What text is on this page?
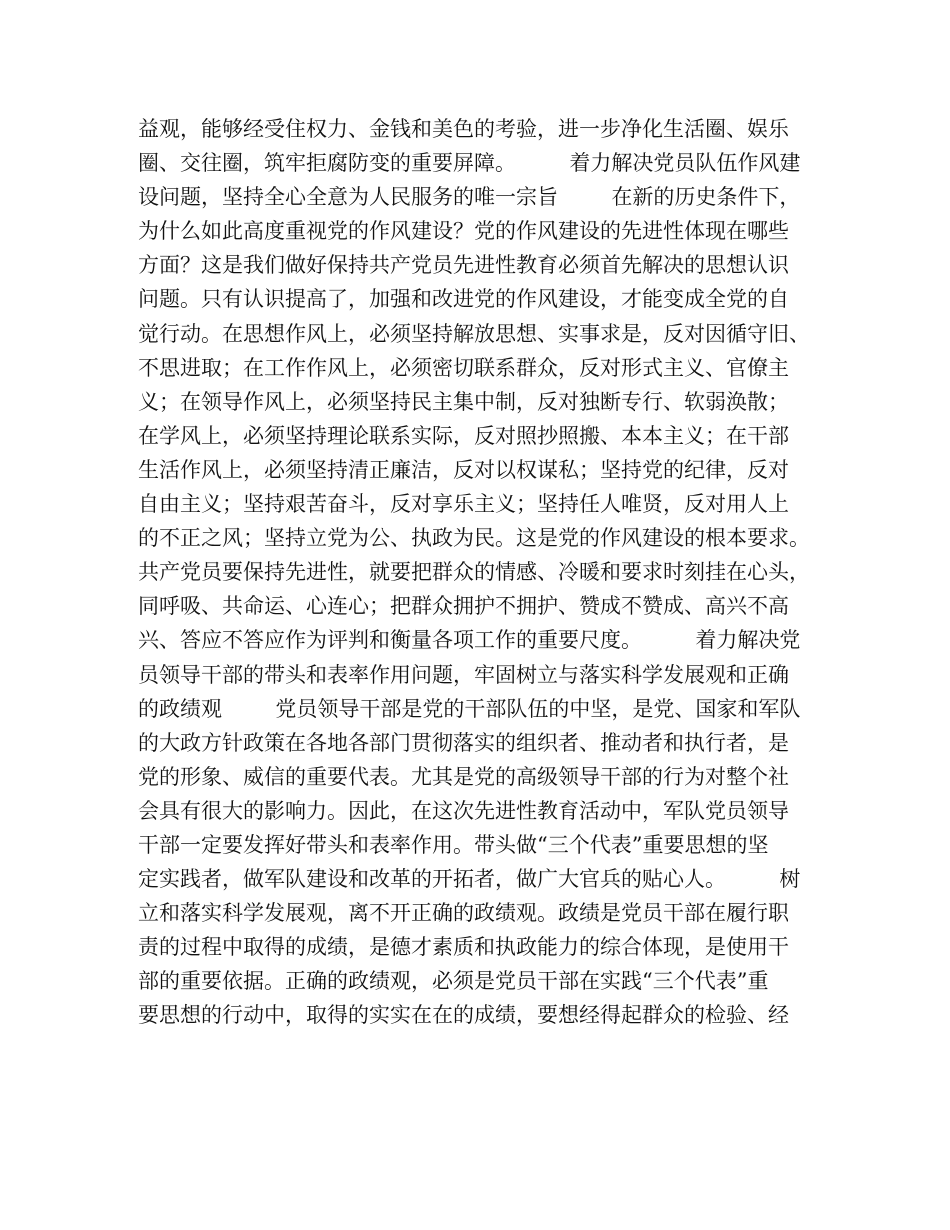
益观，能够经受住权力、金钱和美色的考验，进一步净化生活圈、娱乐
圈、交往圈，筑牢拒腐防变的重要屏障。        着力解决党员队伍作风建
设问题，坚持全心全意为人民服务的唯一宗旨        在新的历史条件下，
为什么如此高度重视党的作风建设？党的作风建设的先进性体现在哪些
方面？这是我们做好保持共产党员先进性教育必须首先解决的思想认识
问题。只有认识提高了，加强和改进党的作风建设，才能变成全党的自
觉行动。在思想作风上，必须坚持解放思想、实事求是，反对因循守旧、
不思进取；在工作作风上，必须密切联系群众，反对形式主义、官僚主
义；在领导作风上，必须坚持民主集中制，反对独断专行、软弱涣散；
在学风上，必须坚持理论联系实际，反对照抄照搬、本本主义；在干部
生活作风上，必须坚持清正廉洁，反对以权谋私；坚持党的纪律，反对
自由主义；坚持艰苦奋斗，反对享乐主义；坚持任人唯贤，反对用人上
的不正之风；坚持立党为公、执政为民。这是党的作风建设的根本要求。
共产党员要保持先进性，就要把群众的情感、冷暖和要求时刻挂在心头，
同呼吸、共命运、心连心；把群众拥护不拥护、赞成不赞成、高兴不高
兴、答应不答应作为评判和衡量各项工作的重要尺度。        着力解决党
员领导干部的带头和表率作用问题，牢固树立与落实科学发展观和正确
的政绩观        党员领导干部是党的干部队伍的中坚，是党、国家和军队
的大政方针政策在各地各部门贯彻落实的组织者、推动者和执行者，是
党的形象、威信的重要代表。尤其是党的高级领导干部的行为对整个社
会具有很大的影响力。因此，在这次先进性教育活动中，军队党员领导
干部一定要发挥好带头和表率作用。带头做“三个代表”重要思想的坚
定实践者，做军队建设和改革的开拓者，做广大官兵的贴心人。        树
立和落实科学发展观，离不开正确的政绩观。政绩是党员干部在履行职
责的过程中取得的成绩，是德才素质和执政能力的综合体现，是使用干
部的重要依据。正确的政绩观，必须是党员干部在实践“三个代表”重
要思想的行动中，取得的实实在在的成绩，要想经得起群众的检验、经
